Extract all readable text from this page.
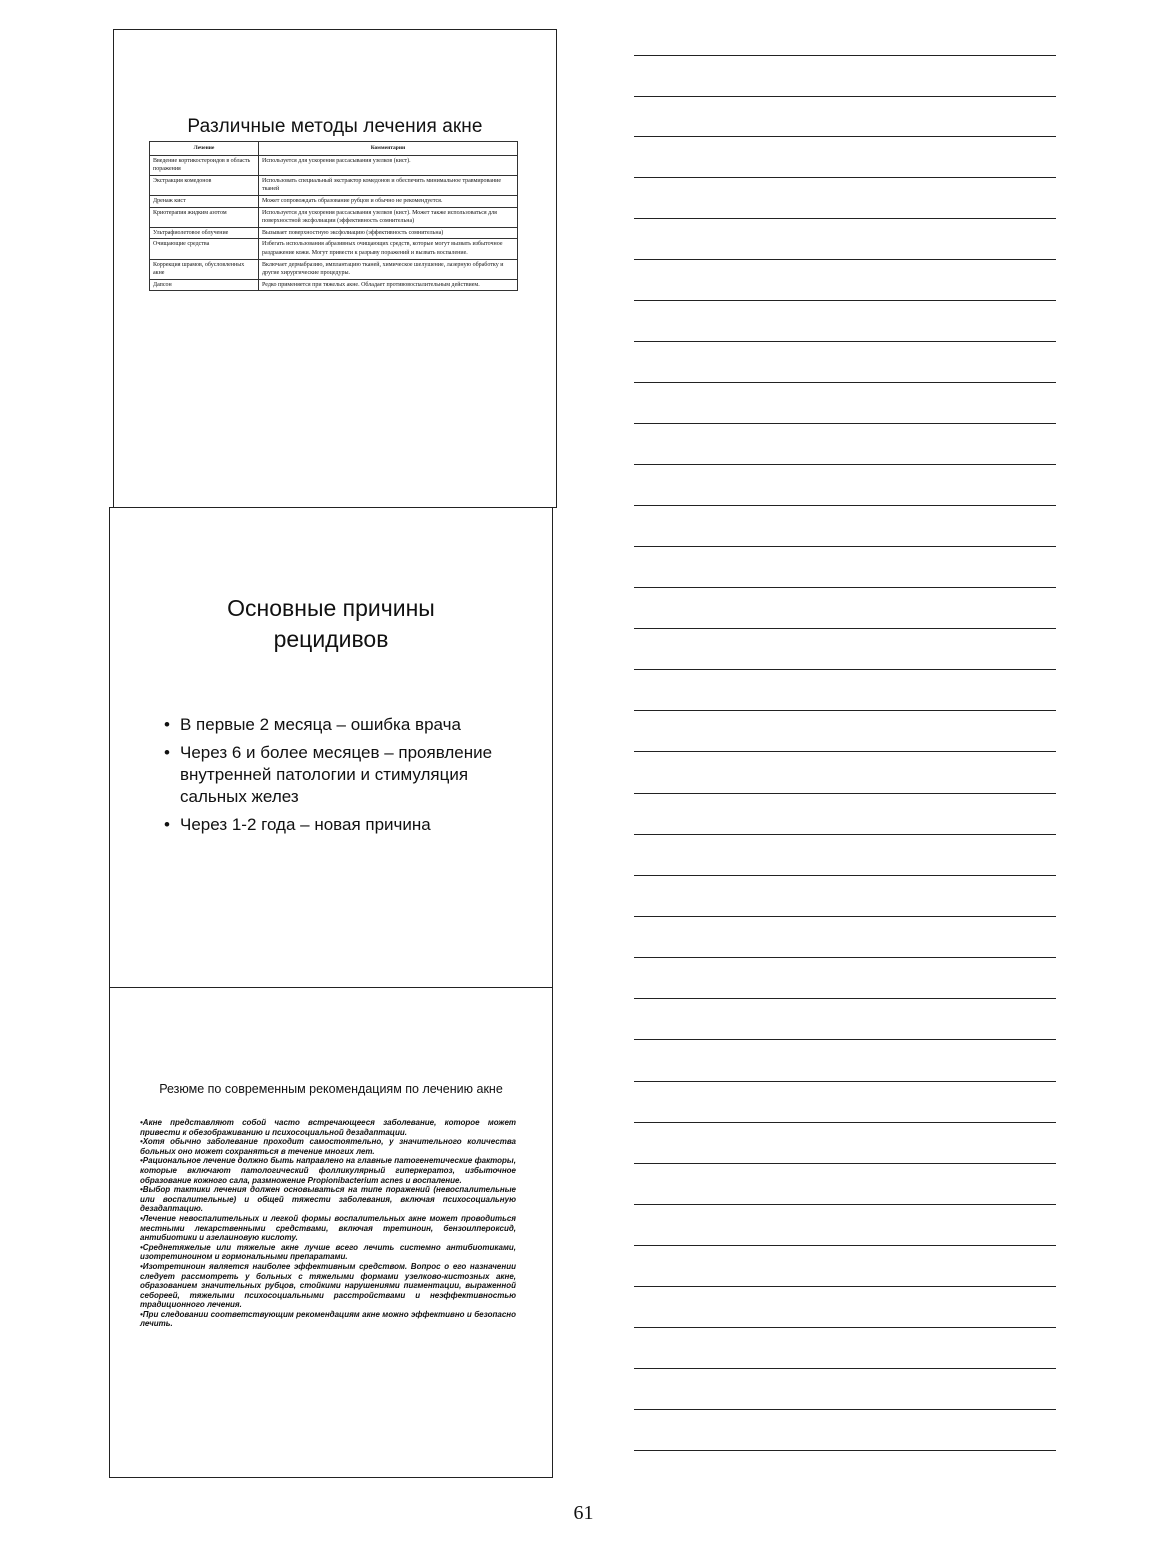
Различные методы лечения акне
Лечение	Комментарии
Введение кортикостероидов в область поражения	Используется для ускорения рассасывания узелков (кист).
Экстракция комедонов	Использовать специальный экстрактор комедонов и обеспечить минимальное травмирование тканей
Дренаж кист	Может сопровождать образование рубцов и обычно не рекомендуется.
Криотерапия жидким азотом	Используется для ускорения рассасывания узелков (кист). Может также использоваться для поверхностной эксфолиации (эффективность сомнительна)
Ультрафиолетовое облучение	Вызывает поверхностную эксфолиацию (эффективность сомнительна)
Очищающие средства	Избегать использования абразивных очищающих средств, которые могут вызвать избыточное раздражение кожи. Могут привести к разрыву поражений и вызвать воспаление.
Коррекция шрамов, обусловленных акне	Включает дермабразию, имплантацию тканей, химическое шелушение, лазерную обработку и другие хирургические процедуры.
Дапсон	Редко применяется при тяжелых акне. Обладает противовоспалительным действием.
Основные причины
рецидивов
• В первые 2 месяца – ошибка врача
• Через 6 и более месяцев – проявление внутренней патологии и стимуляция сальных желез
• Через 1-2 года – новая причина
Резюме по современным рекомендациям по лечению акне

•Акне представляют собой часто встречающееся заболевание, которое может привести к обезображиванию и психосоциальной дезадаптации.

•Хотя обычно заболевание проходит самостоятельно, у значительного количества больных оно может сохраняться в течение многих лет.

•Рациональное лечение должно быть направлено на главные патогенетические факторы, которые включают патологический фолликулярный гиперкератоз, избыточное образование кожного сала, размножение Propionibacterium acnes и воспаление.

•Выбор тактики лечения должен основываться на типе поражений (невоспалительные или воспалительные) и общей тяжести заболевания, включая психосоциальную дезадаптацию.

•Лечение невоспалительных и легкой формы воспалительных акне может проводиться местными лекарственными средствами, включая третиноин, бензоилпероксид, антибиотики и азелаиновую кислоту.

•Среднетяжелые или тяжелые акне лучше всего лечить системно антибиотиками, изотретиноином и гормональными препаратами.

•Изотретиноин является наиболее эффективным средством. Вопрос о его назначении следует рассмотреть у больных с тяжелыми формами узелково-кистозных акне, образованием значительных рубцов, стойкими нарушениями пигментации, выраженной себореей, тяжелыми психосоциальными расстройствами и неэффективностью традиционного лечения.

•При следовании соответствующим рекомендациям акне можно эффективно и безопасно лечить.

61
